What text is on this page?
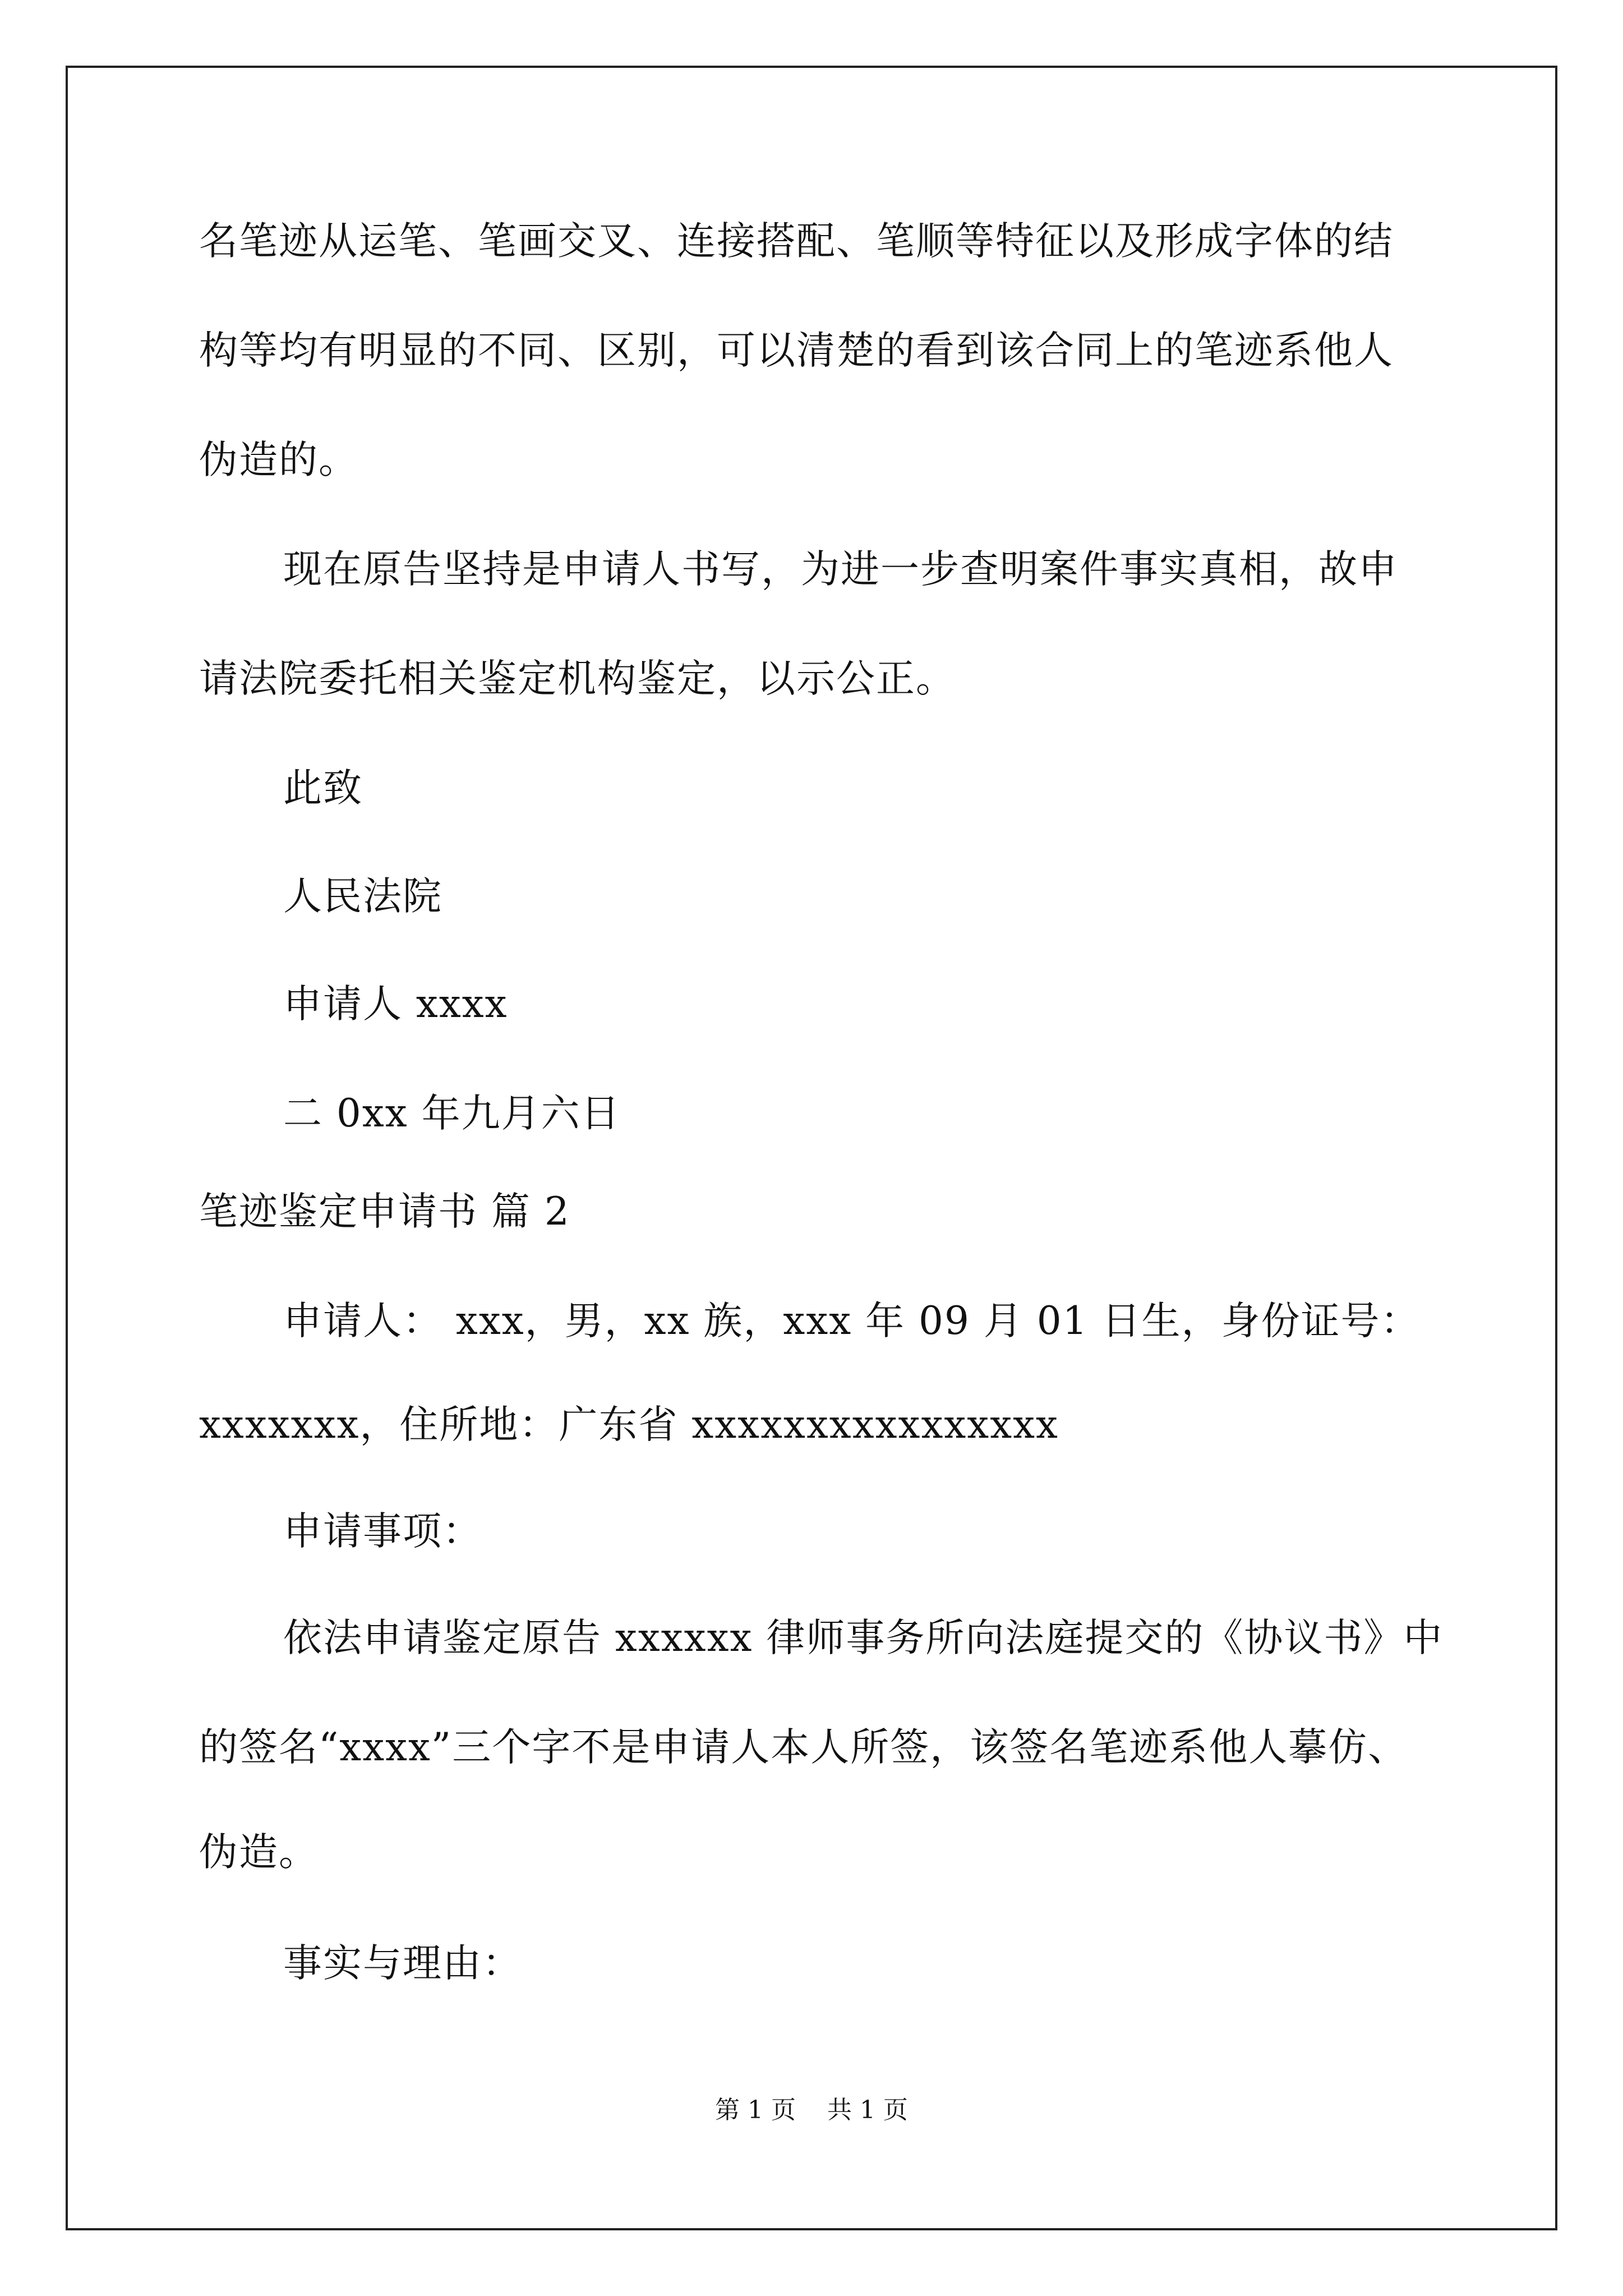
名笔迹从运笔、笔画交叉、连接搭配、笔顺等特征以及形成字体的结
构等均有明显的不同、区别，可以清楚的看到该合同上的笔迹系他人
伪造的。
现在原告坚持是申请人书写，为进一步查明案件事实真相，故申
请法院委托相关鉴定机构鉴定，以示公正。
此致
人民法院
申请人 xxxx
二 0xx 年九月六日
笔迹鉴定申请书 篇 2
申请人： xxx，男，xx 族，xxx 年 09 月 01 日生，身份证号：
xxxxxxx，住所地：广东省 xxxxxxxxxxxxxxxx
申请事项：
依法申请鉴定原告 xxxxxx 律师事务所向法庭提交的《协议书》中
的签名“xxxx”三个字不是申请人本人所签，该签名笔迹系他人摹仿、
伪造。
事实与理由：
第 1 页    共 1 页
